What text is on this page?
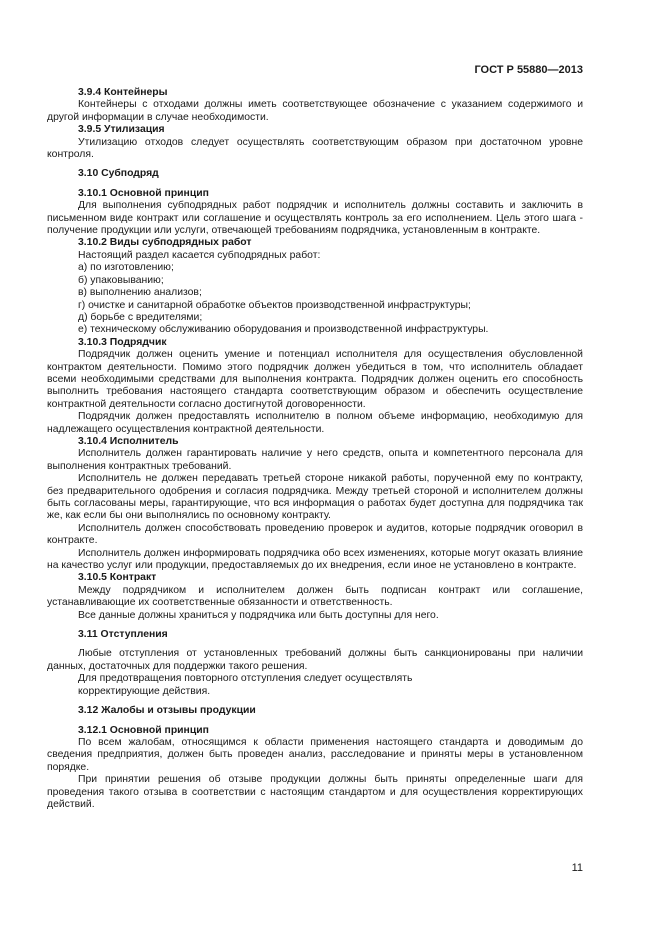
ГОСТ Р 55880—2013

3.9.4 Контейнеры

Контейнеры с отходами должны иметь соответствующее обозначение с указанием содержимого и другой информации в случае необходимости.

3.9.5 Утилизация

Утилизацию отходов следует осуществлять соответствующим образом при достаточном уровне контроля.

3.10 Субподряд

3.10.1 Основной принцип

Для выполнения субподрядных работ подрядчик и исполнитель должны составить и заключить в письменном виде контракт или соглашение и осуществлять контроль за его исполнением. Цель этого шага - получение продукции или услуги, отвечающей требованиям подрядчика, установленным в контракте.

3.10.2 Виды субподрядных работ

Настоящий раздел касается субподрядных работ:

а) по изготовлению;

б) упаковыванию;

в) выполнению анализов;

г) очистке и санитарной обработке объектов производственной инфраструктуры;

д) борьбе с вредителями;

е) техническому обслуживанию оборудования и производственной инфраструктуры.

3.10.3 Подрядчик

Подрядчик должен оценить умение и потенциал исполнителя для осуществления обусловленной контрактом деятельности. Помимо этого подрядчик должен убедиться в том, что исполнитель обладает всеми необходимыми средствами для выполнения контракта. Подрядчик должен оценить его способность выполнить требования настоящего стандарта соответствующим образом и обеспечить осуществление контрактной деятельности согласно достигнутой договоренности.

Подрядчик должен предоставлять исполнителю в полном объеме информацию, необходимую для надлежащего осуществления контрактной деятельности.

3.10.4 Исполнитель

Исполнитель должен гарантировать наличие у него средств, опыта и компетентного персонала для выполнения контрактных требований.

Исполнитель не должен передавать третьей стороне никакой работы, порученной ему по контракту, без предварительного одобрения и согласия подрядчика. Между третьей стороной и исполнителем должны быть согласованы меры, гарантирующие, что вся информация о работах будет доступна для подрядчика так же, как если бы они выполнялись по основному контракту.

Исполнитель должен способствовать проведению проверок и аудитов, которые подрядчик оговорил в контракте.

Исполнитель должен информировать подрядчика обо всех изменениях, которые могут оказать влияние на качество услуг или продукции, предоставляемых до их внедрения, если иное не установлено в контракте.

3.10.5 Контракт

Между подрядчиком и исполнителем должен быть подписан контракт или соглашение, устанавливающие их соответственные обязанности и ответственность.

Все данные должны храниться у подрядчика или быть доступны для него.

3.11 Отступления

Любые отступления от установленных требований должны быть санкционированы при наличии данных, достаточных для поддержки такого решения.

Для предотвращения повторного отступления следует осуществлять

корректирующие действия.

3.12 Жалобы и отзывы продукции

3.12.1 Основной принцип

По всем жалобам, относящимся к области применения настоящего стандарта и доводимым до сведения предприятия, должен быть проведен анализ, расследование и приняты меры в установленном порядке.

При принятии решения об отзыве продукции должны быть приняты определенные шаги для проведения такого отзыва в соответствии с настоящим стандартом и для осуществления корректирующих действий.

11
